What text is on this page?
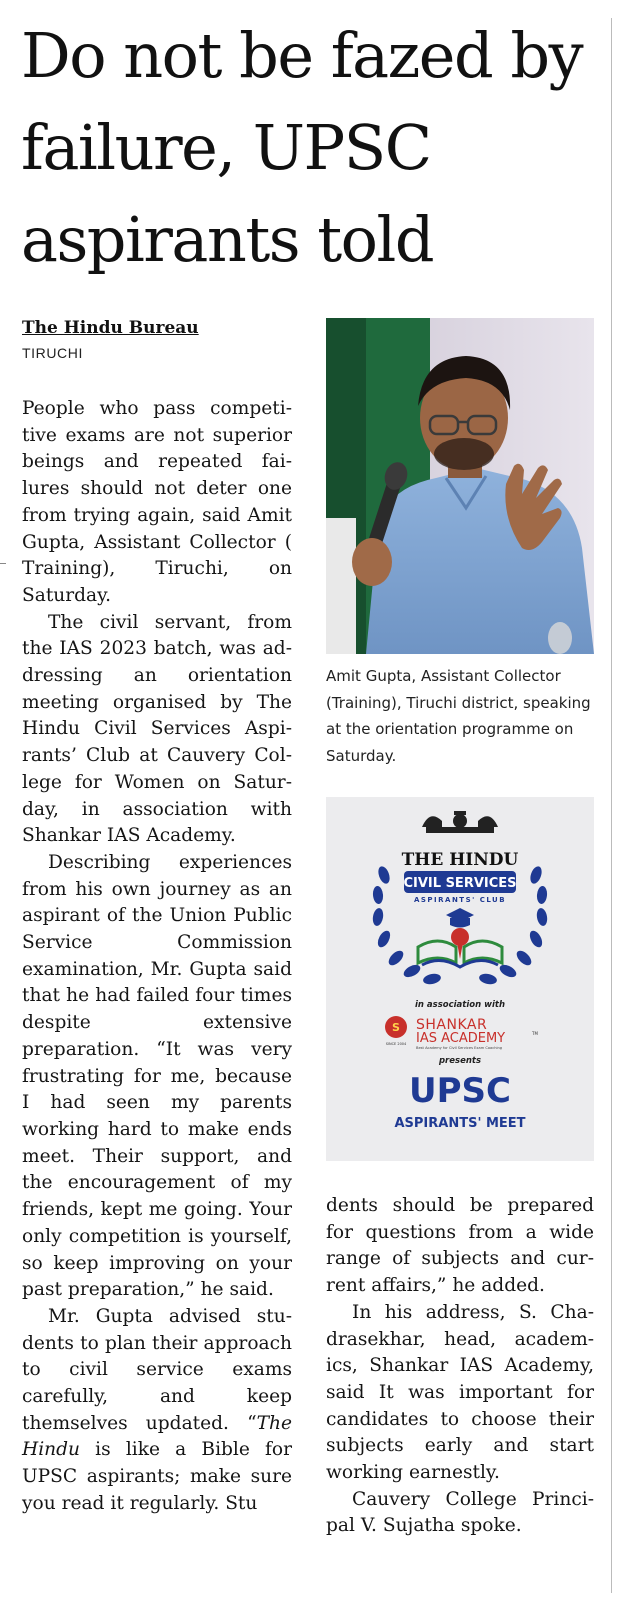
Do not be fazed by failure, UPSC aspirants told
The Hindu Bureau
TIRUCHI

People who pass competitive exams are not superior beings and repeated failures should not deter one from trying again, said Amit Gupta, Assistant Collector ( Training), Tiruchi, on Saturday.

The civil servant, from the IAS 2023 batch, was addressing an orientation meeting organised by The Hindu Civil Services Aspirants’ Club at Cauvery College for Women on Saturday, in association with Shankar IAS Academy.

Describing experiences from his own journey as an aspirant of the Union Public Service Commission examination, Mr. Gupta said that he had failed four times despite extensive preparation. “It was very frustrating for me, because I had seen my parents working hard to make ends meet. Their support, and the encouragement of my friends, kept me going. Your only competition is yourself, so keep improving on your past preparation,” he said.

Mr. Gupta advised students to plan their approach to civil service exams carefully, and keep themselves updated. “The Hindu is like a Bible for UPSC aspirants; make sure you read it regularly. Stu

Amit Gupta, Assistant Collector (Training), Tiruchi district, speaking at the orientation programme on Saturday.
THE HINDU
CIVIL SERVICES
ASPIRANTS' CLUB
in association with
S
SINCE 2004
SHANKAR
IAS ACADEMY	TM
Best Academy for Civil Services Exam Coaching
presents
UPSC
ASPIRANTS' MEET

dents should be prepared for questions from a wide range of subjects and current affairs,” he added.

In his address, S. Chadrasekhar, head, academics, Shankar IAS Academy, said It was important for candidates to choose their subjects early and start working earnestly.

Cauvery College Principal V. Sujatha spoke.
